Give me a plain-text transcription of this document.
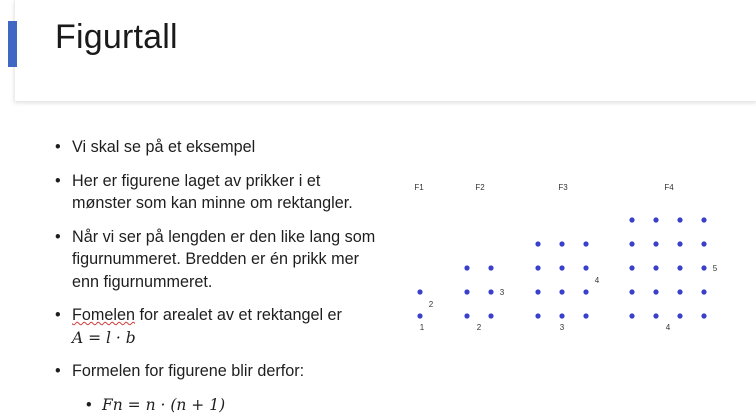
Figurtall
• Vi skal se på et eksempel
• Her er figurene laget av prikker i et mønster som kan minne om rektangler.
• Når vi ser på lengden er den like lang som figurnummeret. Bredden er én prikk mer enn figurnummeret.
• Fomelen for arealet av et rektangel er
A = l · b
• Formelen for figurene blir derfor:
• Fn = n · (n + 1)
F1
1
2
F2
2
3
F3
3
4
F4
4
5
